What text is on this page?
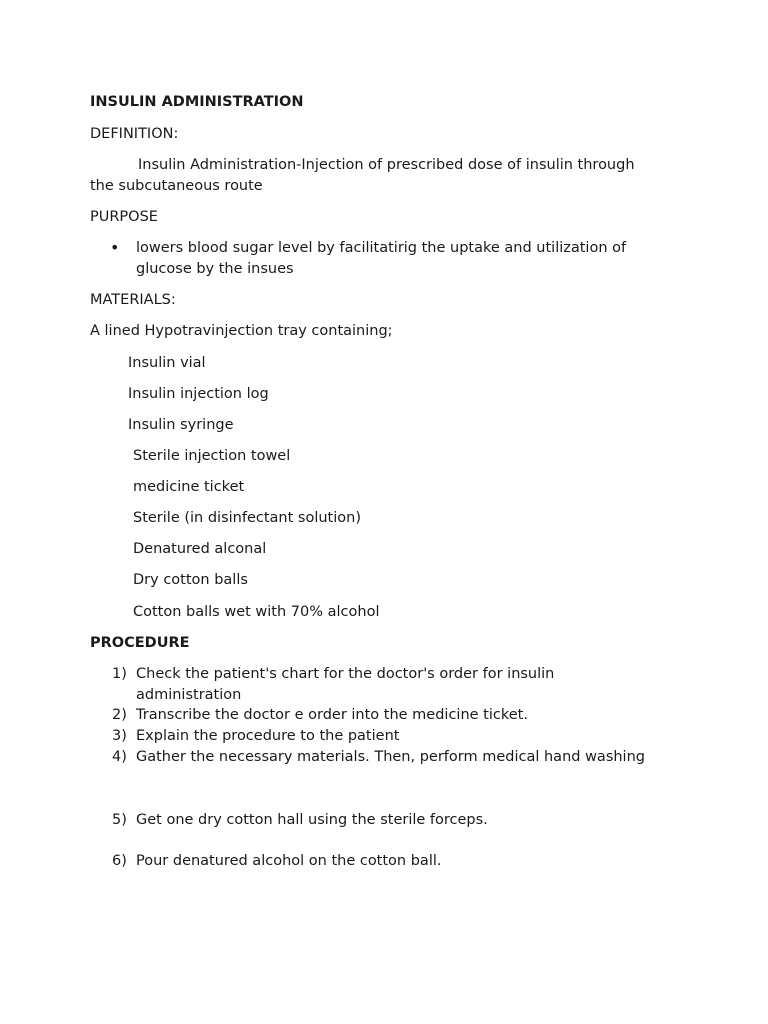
INSULIN ADMINISTRATION
DEFINITION:
Insulin Administration-Injection of prescribed dose of insulin through
the subcutaneous route
PURPOSE
• lowers blood sugar level by facilitatirig the uptake and utilization of
glucose by the insues
MATERIALS:
A lined Hypotravinjection tray containing;
Insulin vial
Insulin injection log
Insulin syringe
Sterile injection towel
medicine ticket
Sterile (in disinfectant solution)
Denatured alconal
Dry cotton balls
Cotton balls wet with 70% alcohol
PROCEDURE
1) Check the patient's chart for the doctor's order for insulin
administration
2) Transcribe the doctor e order into the medicine ticket.
3) Explain the procedure to the patient
4) Gather the necessary materials. Then, perform medical hand washing
5) Get one dry cotton hall using the sterile forceps.
6) Pour denatured alcohol on the cotton ball.
